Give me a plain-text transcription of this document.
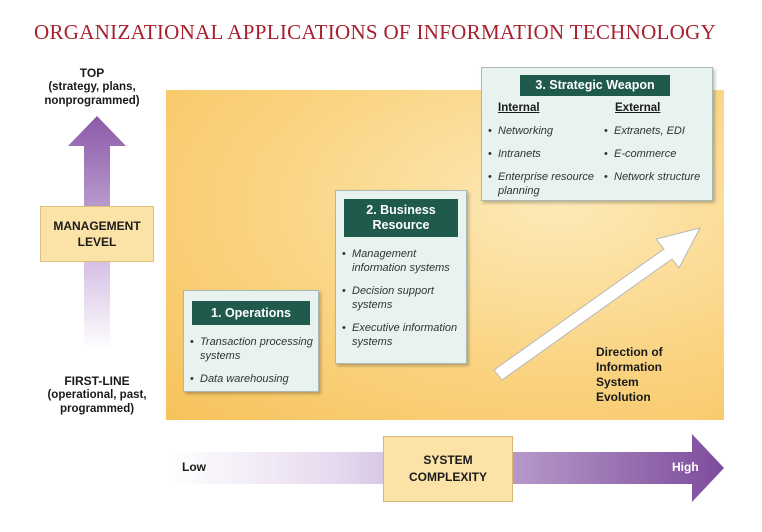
ORGANIZATIONAL APPLICATIONS OF INFORMATION TECHNOLOGY
TOP
(strategy, plans, nonprogrammed)
MANAGEMENT
LEVEL
FIRST-LINE
(operational, past, programmed)
1. Operations
• Transaction processing systems
• Data warehousing
2. Business
Resource
• Management information systems
• Decision support systems
• Executive information systems
3. Strategic Weapon
Internal
• Networking
• Intranets
• Enterprise resource planning
External
• Extranets, EDI
• E-commerce
• Network structure
Direction of
Information
System
Evolution
Low	SYSTEM
COMPLEXITY
High
